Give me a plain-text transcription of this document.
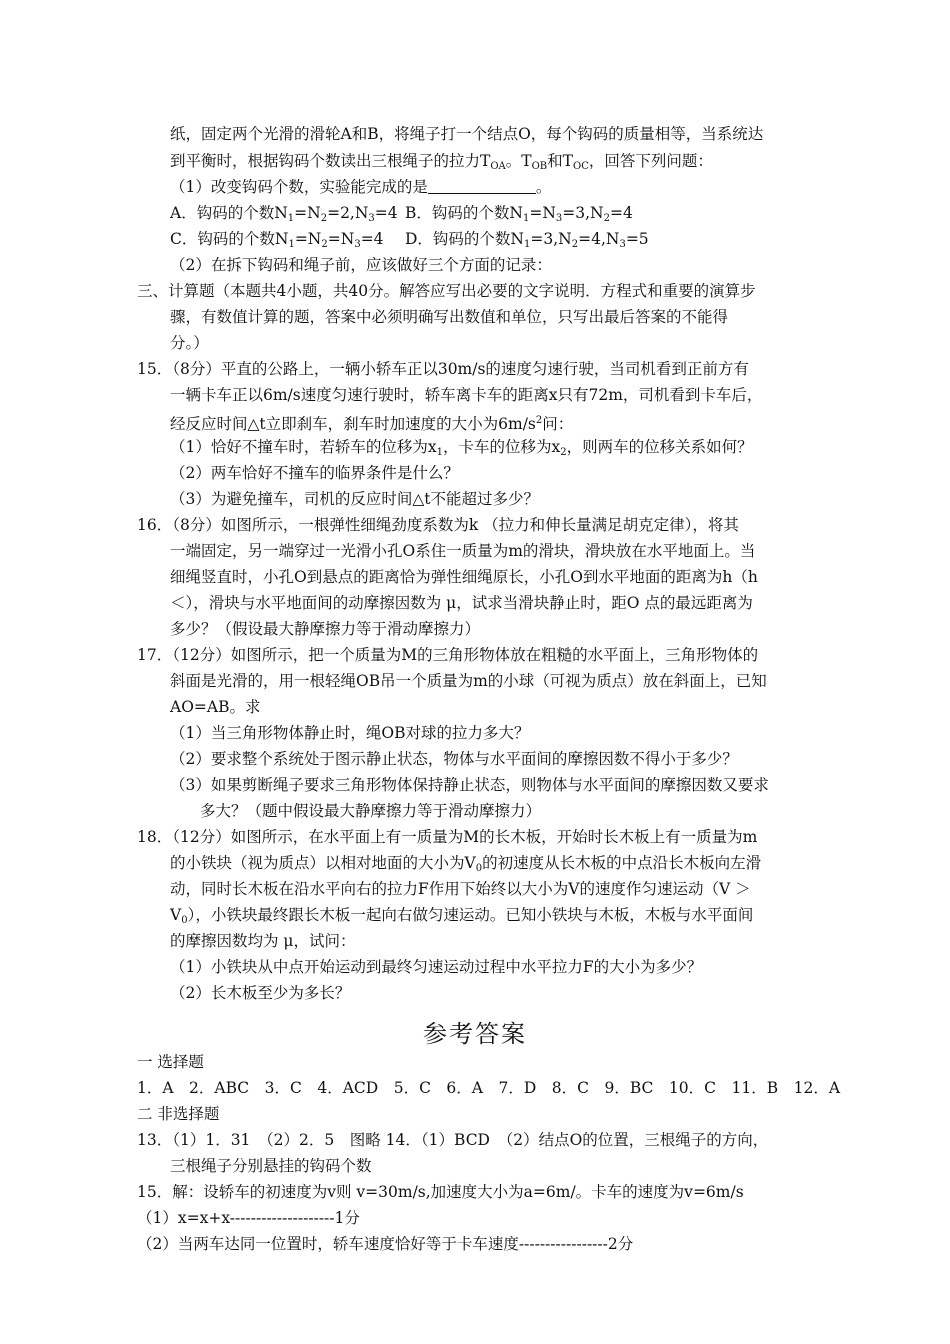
纸，固定两个光滑的滑轮A和B，将绳子打一个结点O，每个钩码的质量相等，当系统达
到平衡时，根据钩码个数读出三根绳子的拉力$T_{OA}$。$T_{OB}$和$T_{OC}$，回答下列问题：
（1）改变钩码个数，实验能完成的是	。
A．钩码的个数$N_1=N_2=2,N_3=4$ B．钩码的个数$N_1=N_3=3,N_2=4$
C．钩码的个数$N_1=N_2=N_3=4$ D．钩码的个数$N_1=3,N_2=4,N_3=5$
（2）在拆下钩码和绳子前，应该做好三个方面的记录：
三、计算题（本题共4小题，共40分。解答应写出必要的文字说明．方程式和重要的演算步
骤，有数值计算的题，答案中必须明确写出数值和单位，只写出最后答案的不能得
分。）
15．（8分）平直的公路上，一辆小轿车正以30m/s的速度匀速行驶，当司机看到正前方有
一辆卡车正以6m/s速度匀速行驶时，轿车离卡车的距离x只有72m，司机看到卡车后，
经反应时间△t立即刹车，刹车时加速度的大小为$6m/s^2$问：
（1）恰好不撞车时，若轿车的位移为$x_1$，卡车的位移为$x_2$，则两车的位移关系如何？
（2）两车恰好不撞车的临界条件是什么？
（3）为避免撞车，司机的反应时间△t不能超过多少？
16．（8分）如图所示，一根弹性细绳劲度系数为k （拉力和伸长量满足胡克定律），将其
一端固定，另一端穿过一光滑小孔O系住一质量为m的滑块，滑块放在水平地面上。当
细绳竖直时，小孔O到悬点的距离恰为弹性细绳原长，小孔O到水平地面的距离为h（h
＜），滑块与水平地面间的动摩擦因数为 μ，试求当滑块静止时，距O 点的最远距离为
多少？（假设最大静摩擦力等于滑动摩擦力）
17．（12分）如图所示，把一个质量为M的三角形物体放在粗糙的水平面上，三角形物体的
斜面是光滑的，用一根轻绳OB吊一个质量为m的小球（可视为质点）放在斜面上，已知
AO=AB。求
（1）当三角形物体静止时，绳OB对球的拉力多大？
（2）要求整个系统处于图示静止状态，物体与水平面间的摩擦因数不得小于多少？
（3）如果剪断绳子要求三角形物体保持静止状态，则物体与水平面间的摩擦因数又要求
多大？（题中假设最大静摩擦力等于滑动摩擦力）
18．（12分）如图所示，在水平面上有一质量为M的长木板，开始时长木板上有一质量为m
的小铁块（视为质点）以相对地面的大小为$V_0$的初速度从长木板的中点沿长木板向左滑
动，同时长木板在沿水平向右的拉力F作用下始终以大小为V的速度作匀速运动（V ＞
$V_0$），小铁块最终跟长木板一起向右做匀速运动。已知小铁块与木板，木板与水平面间
的摩擦因数均为 μ，试问：
（1）小铁块从中点开始运动到最终匀速运动过程中水平拉力F的大小为多少？
（2）长木板至少为多长？
参考答案
一 选择题
1．A　2．ABC　3．C　4．ACD　5．C　6．A　7．D　8．C　9．BC　10．C　11．B　12．A
二 非选择题
13．（1）1．31　（2）2．5　图略 14．（1）BCD　（2）结点O的位置，三根绳子的方向，
三根绳子分别悬挂的钩码个数
15．解：设轿车的初速度为v则 v=30m/s,加速度大小为a=6m/。卡车的速度为v=6m/s
（1）x=x+x--------------------1分
（2）当两车达同一位置时，轿车速度恰好等于卡车速度-----------------2分
